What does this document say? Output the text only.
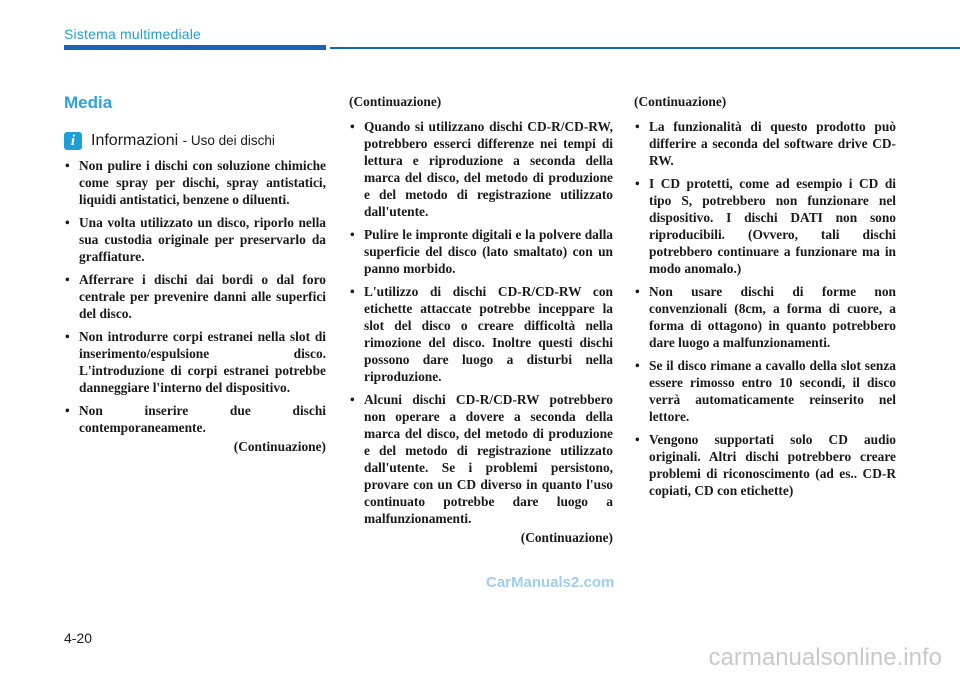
Sistema multimediale
Media
i Informazioni - Uso dei dischi
• Non pulire i dischi con soluzione chimiche come spray per dischi, spray antistatici, liquidi antistatici, benzene o diluenti.
• Una volta utilizzato un disco, riporlo nella sua custodia originale per preservarlo da graffiature.
• Afferrare i dischi dai bordi o dal foro centrale per prevenire danni alle superfici del disco.
• Non introdurre corpi estranei nella slot di inserimento/espulsione disco. L'introduzione di corpi estranei potrebbe danneggiare l'interno del dispositivo.
• Non inserire due dischi contemporaneamente.
(Continuazione)
(Continuazione)
• Quando si utilizzano dischi CD-R/CD-RW, potrebbero esserci differenze nei tempi di lettura e riproduzione a seconda della marca del disco, del metodo di produzione e del metodo di registrazione utilizzato dall'utente.
• Pulire le impronte digitali e la polvere dalla superficie del disco (lato smaltato) con un panno morbido.
• L'utilizzo di dischi CD-R/CD-RW con etichette attaccate potrebbe inceppare la slot del disco o creare difficoltà nella rimozione del disco. Inoltre questi dischi possono dare luogo a disturbi nella riproduzione.
• Alcuni dischi CD-R/CD-RW potrebbero non operare a dovere a seconda della marca del disco, del metodo di produzione e del metodo di registrazione utilizzato dall'utente. Se i problemi persistono, provare con un CD diverso in quanto l'uso continuato potrebbe dare luogo a malfunzionamenti.
(Continuazione)
(Continuazione)
• La funzionalità di questo prodotto può differire a seconda del software drive CD-RW.
• I CD protetti, come ad esempio i CD di tipo S, potrebbero non funzionare nel dispositivo. I dischi DATI non sono riproducibili. (Ovvero, tali dischi potrebbero continuare a funzionare ma in modo anomalo.)
• Non usare dischi di forme non convenzionali (8cm, a forma di cuore, a forma di ottagono) in quanto potrebbero dare luogo a malfunzionamenti.
• Se il disco rimane a cavallo della slot senza essere rimosso entro 10 secondi, il disco verrà automaticamente reinserito nel lettore.
• Vengono supportati solo CD audio originali. Altri dischi potrebbero creare problemi di riconoscimento (ad es.. CD-R copiati, CD con etichette)
4-20
CarManuals2.com
carmanualsonline.info
